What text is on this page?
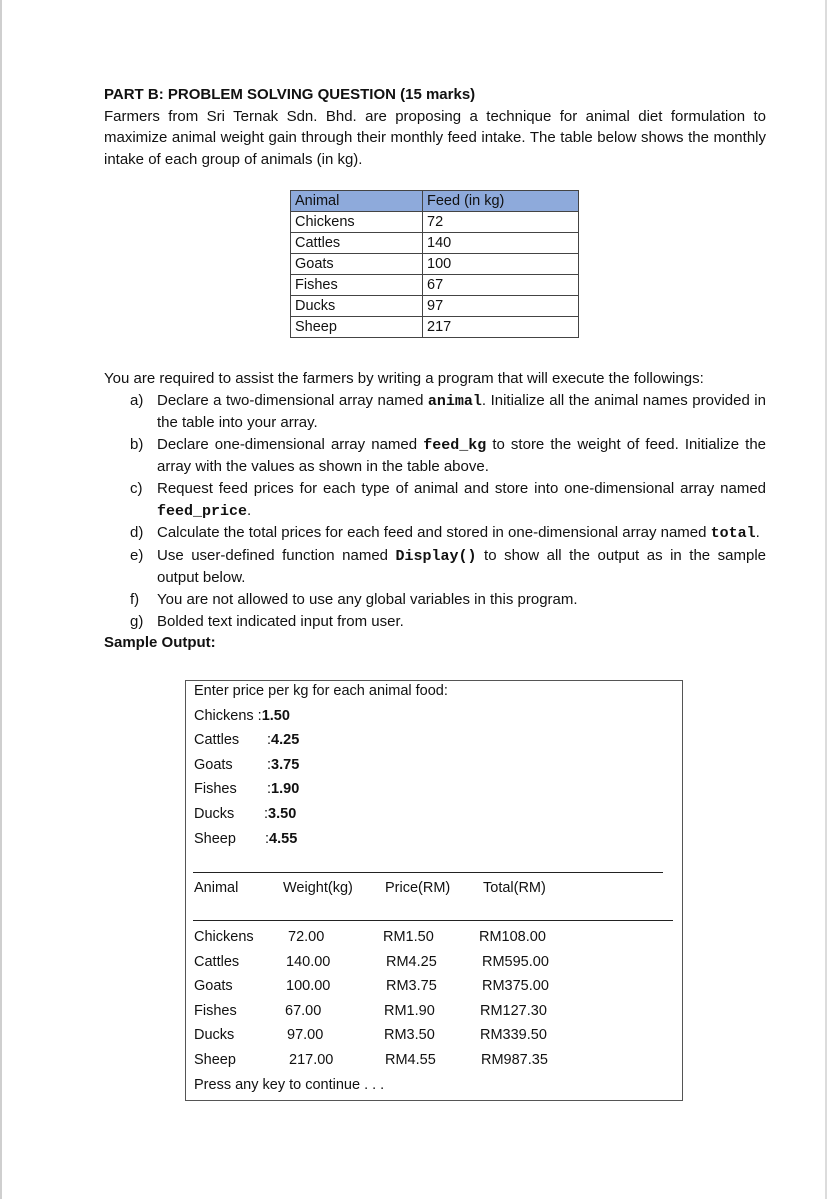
PART B: PROBLEM SOLVING QUESTION (15 marks)
Farmers from Sri Ternak Sdn. Bhd. are proposing a technique for animal diet formulation to maximize animal weight gain through their monthly feed intake. The table below shows the monthly intake of each group of animals (in kg).
Animal	Feed (in kg)
Chickens	72
Cattles	140
Goats	100
Fishes	67
Ducks	97
Sheep	217
You are required to assist the farmers by writing a program that will execute the followings:
a) Declare a two-dimensional array named animal. Initialize all the animal names provided in the table into your array.
b) Declare one-dimensional array named feed_kg to store the weight of feed. Initialize the array with the values as shown in the table above.
c) Request feed prices for each type of animal and store into one-dimensional array named feed_price.
d) Calculate the total prices for each feed and stored in one-dimensional array named total.
e) Use user-defined function named Display() to show all the output as in the sample output below.
f) You are not allowed to use any global variables in this program.
g) Bolded text indicated input from user.
Sample Output:
Enter price per kg for each animal food:
Chickens :1.50
Cattles :4.25
Goats :3.75
Fishes :1.90
Ducks :3.50
Sheep :4.55
Animal	Weight(kg) Price(RM) Total(RM)
Chickens 72.00	RM1.50	RM108.00
Cattles	140.00	RM4.25	RM595.00
Goats	100.00	RM3.75	RM375.00
Fishes	67.00	RM1.90	RM127.30
Ducks	97.00	RM3.50	RM339.50
Sheep	217.00	RM4.55	RM987.35
Press any key to continue . . .
